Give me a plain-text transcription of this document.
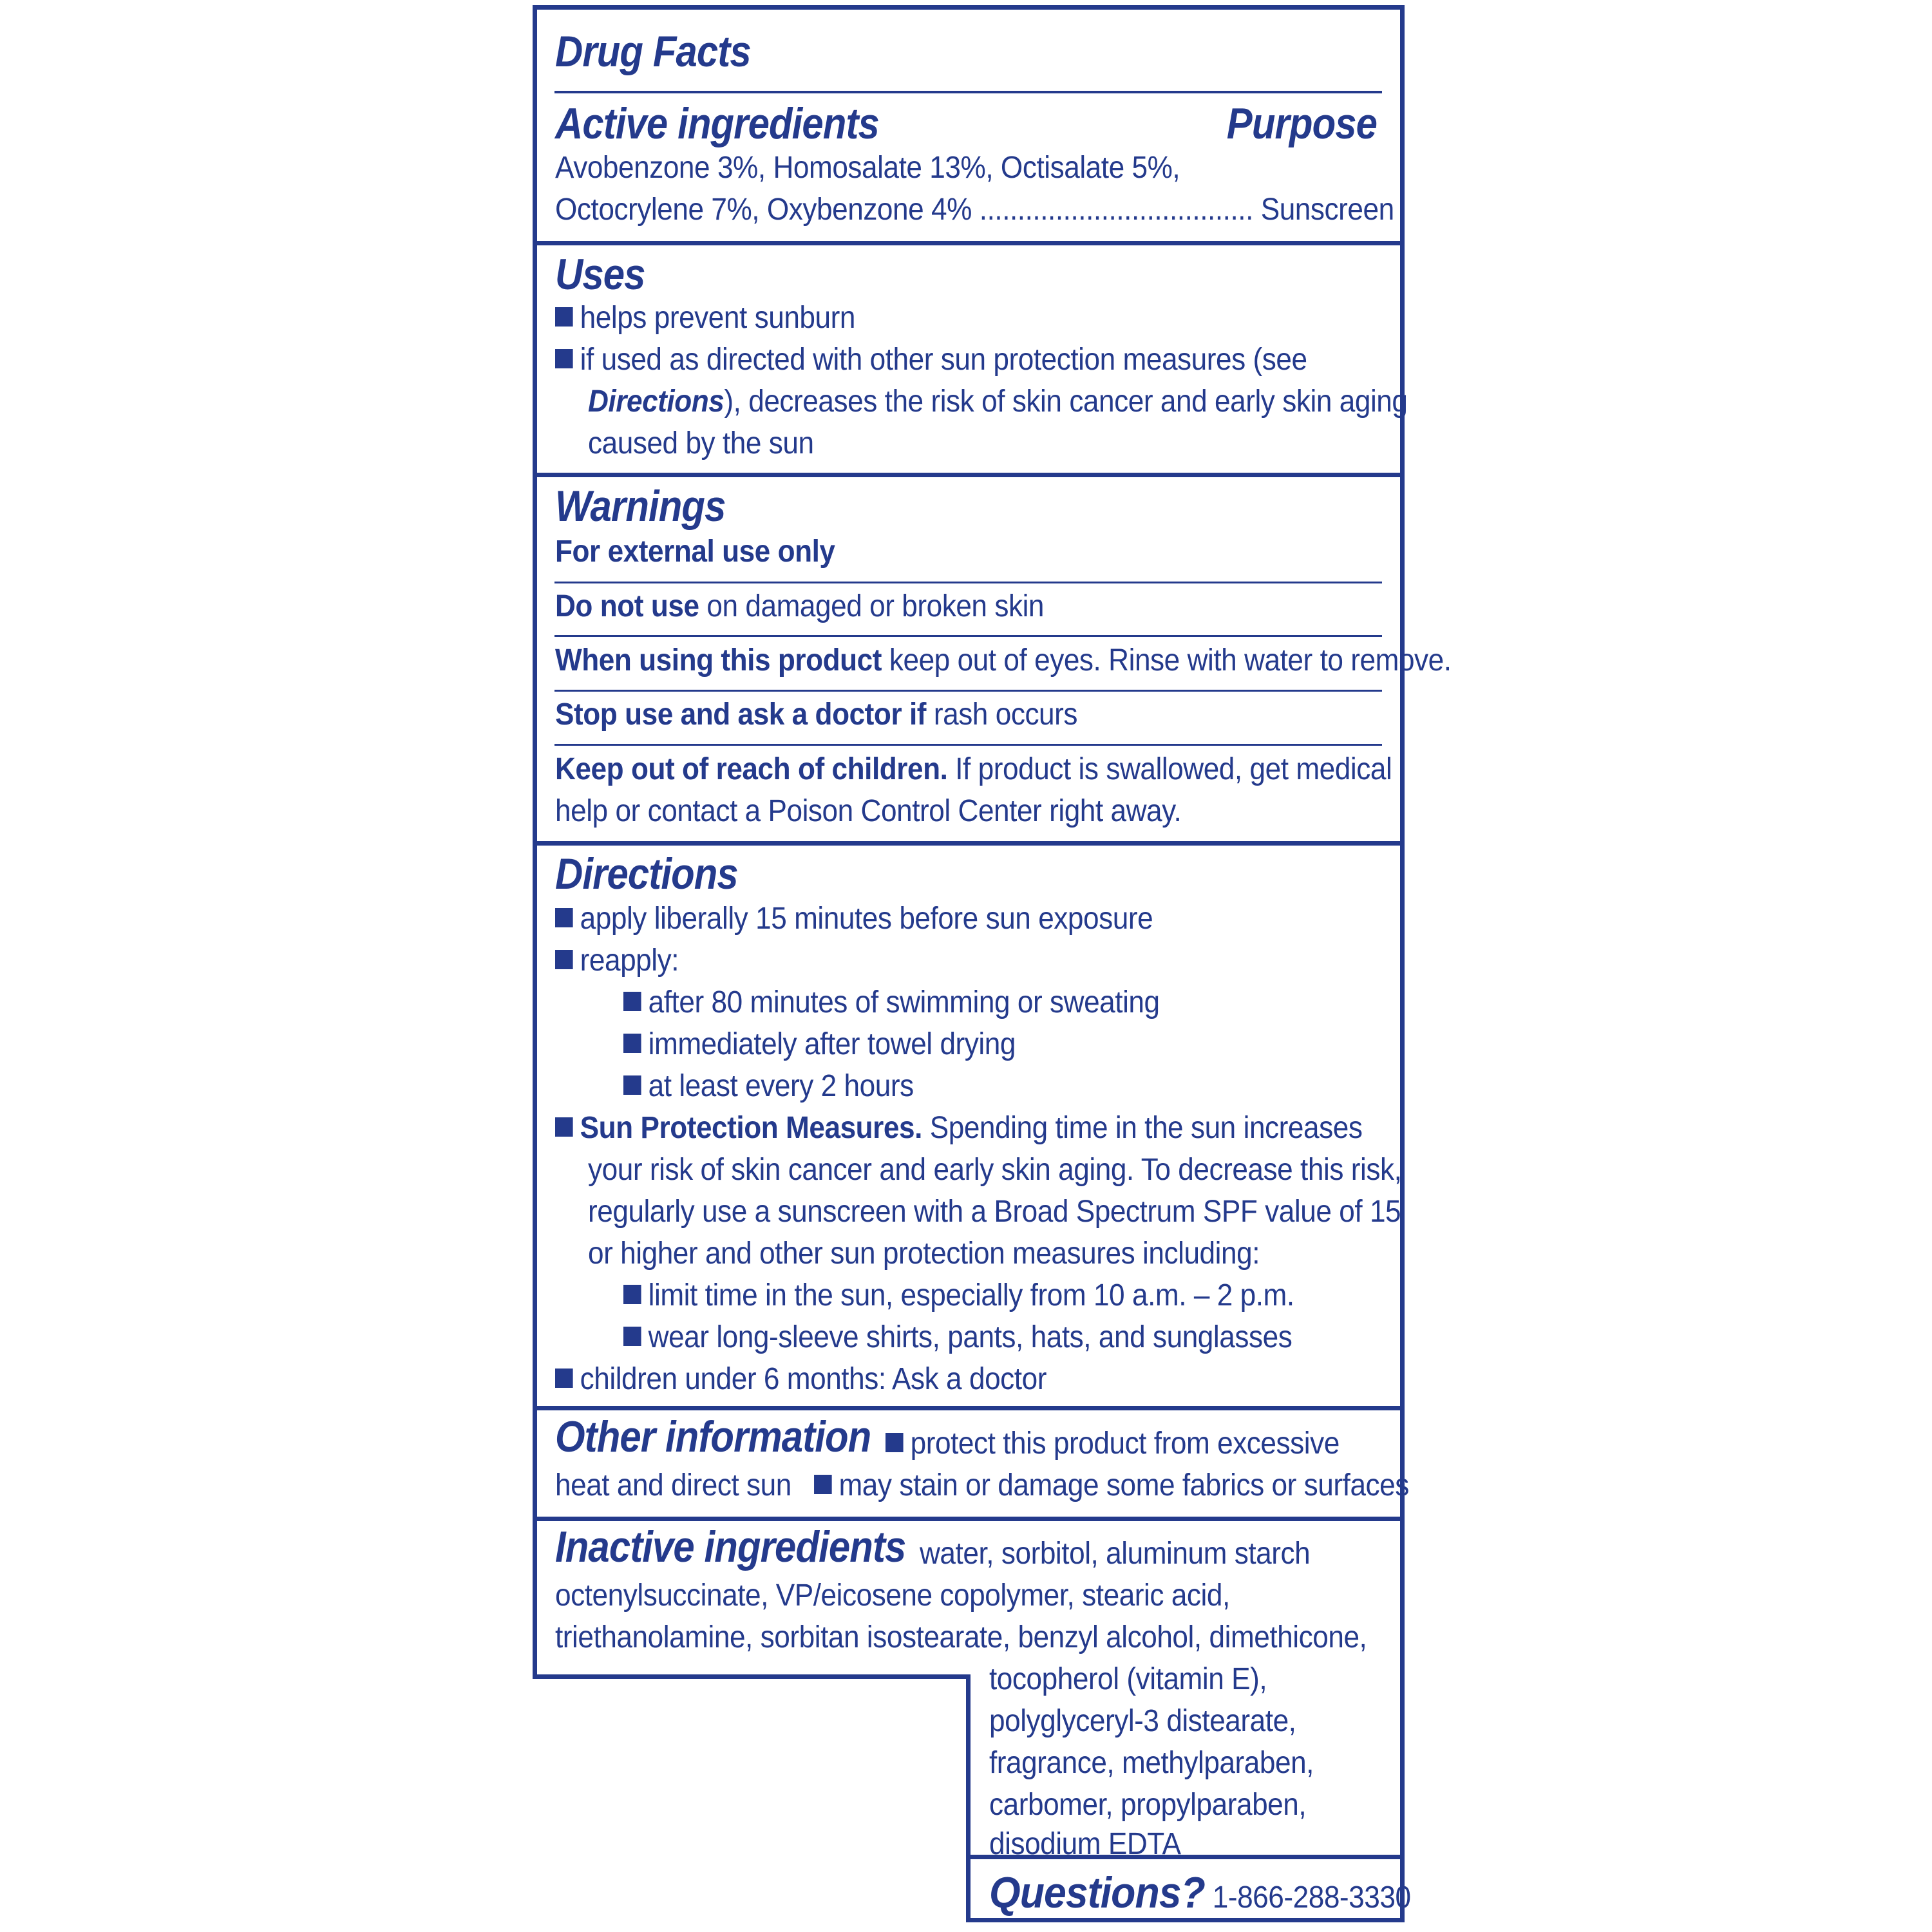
Drug Facts
Active ingredients	Purpose
Avobenzone 3%, Homosalate 13%, Octisalate 5%,
Octocrylene 7%, Oxybenzone 4% .................................... Sunscreen
Uses
helps prevent sunburn
if used as directed with other sun protection measures (see
Directions), decreases the risk of skin cancer and early skin aging
caused by the sun
Warnings
For external use only
Do not use on damaged or broken skin
When using this product keep out of eyes. Rinse with water to remove.
Stop use and ask a doctor if rash occurs
Keep out of reach of children. If product is swallowed, get medical
help or contact a Poison Control Center right away.
Directions
apply liberally 15 minutes before sun exposure
reapply:
after 80 minutes of swimming or sweating
immediately after towel drying
at least every 2 hours
Sun Protection Measures. Spending time in the sun increases
your risk of skin cancer and early skin aging. To decrease this risk,
regularly use a sunscreen with a Broad Spectrum SPF value of 15
or higher and other sun protection measures including:
limit time in the sun, especially from 10 a.m. – 2 p.m.
wear long-sleeve shirts, pants, hats, and sunglasses
children under 6 months: Ask a doctor
Other information	protect this product from excessive
heat and direct sun may stain or damage some fabrics or surfaces
Inactive ingredients water, sorbitol, aluminum starch
octenylsuccinate, VP/eicosene copolymer, stearic acid,
triethanolamine, sorbitan isostearate, benzyl alcohol, dimethicone,
tocopherol (vitamin E),
polyglyceryl-3 distearate,
fragrance, methylparaben,
carbomer, propylparaben,
disodium EDTA
Questions? 1-866-288-3330
